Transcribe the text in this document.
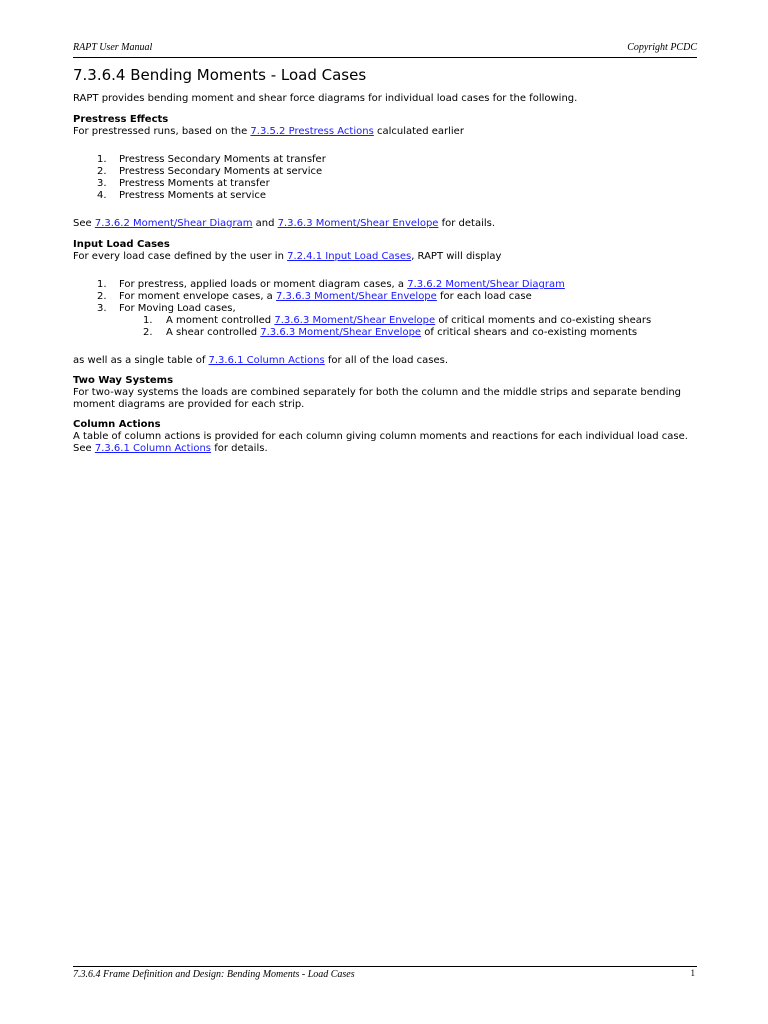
RAPT User Manual	Copyright PCDC
7.3.6.4 Bending Moments - Load Cases

RAPT provides bending moment and shear force diagrams for individual load cases for the following.

Prestress Effects

For prestressed runs, based on the 7.3.5.2 Prestress Actions calculated earlier

1. Prestress Secondary Moments at transfer
2. Prestress Secondary Moments at service
3. Prestress Moments at transfer
4. Prestress Moments at service

See 7.3.6.2 Moment/Shear Diagram and 7.3.6.3 Moment/Shear Envelope for details.

Input Load Cases

For every load case defined by the user in 7.2.4.1 Input Load Cases, RAPT will display

1. For prestress, applied loads or moment diagram cases, a 7.3.6.2 Moment/Shear Diagram
2. For moment envelope cases, a 7.3.6.3 Moment/Shear Envelope for each load case
3. For Moving Load cases,
1. A moment controlled 7.3.6.3 Moment/Shear Envelope of critical moments and co-existing shears
2. A shear controlled 7.3.6.3 Moment/Shear Envelope of critical shears and co-existing moments

as well as a single table of 7.3.6.1 Column Actions for all of the load cases.

Two Way Systems

For two-way systems the loads are combined separately for both the column and the middle strips and separate bending moment diagrams are provided for each strip.

Column Actions

A table of column actions is provided for each column giving column moments and reactions for each individual load case. See 7.3.6.1 Column Actions for details.

7.3.6.4 Frame Definition and Design: Bending Moments - Load Cases	1
